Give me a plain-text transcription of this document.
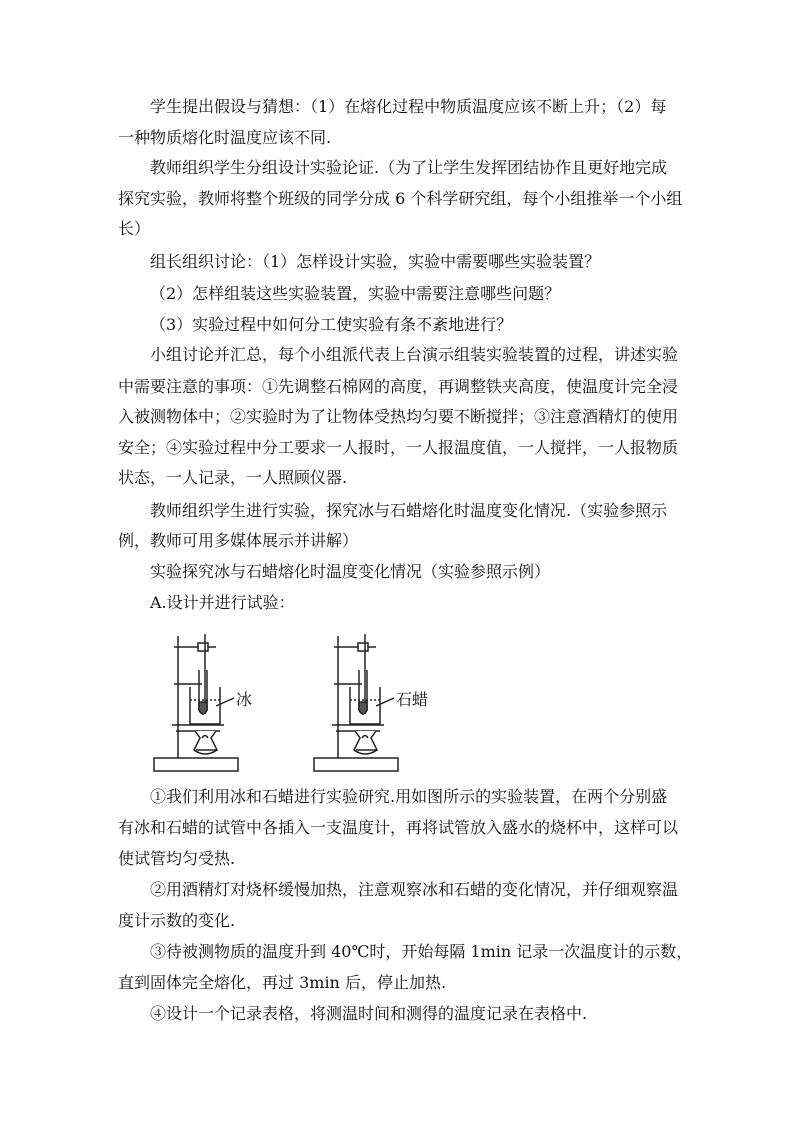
学生提出假设与猜想：（1）在熔化过程中物质温度应该不断上升；（2）每
一种物质熔化时温度应该不同.
教师组织学生分组设计实验论证.（为了让学生发挥团结协作且更好地完成
探究实验，教师将整个班级的同学分成 6 个科学研究组，每个小组推举一个小组
长）
组长组织讨论：（1）怎样设计实验，实验中需要哪些实验装置？
（2）怎样组装这些实验装置，实验中需要注意哪些问题？
（3）实验过程中如何分工使实验有条不紊地进行？
小组讨论并汇总，每个小组派代表上台演示组装实验装置的过程，讲述实验
中需要注意的事项：①先调整石棉网的高度，再调整铁夹高度，使温度计完全浸
入被测物体中；②实验时为了让物体受热均匀要不断搅拌；③注意酒精灯的使用
安全；④实验过程中分工要求一人报时，一人报温度值，一人搅拌，一人报物质
状态，一人记录，一人照顾仪器.
教师组织学生进行实验，探究冰与石蜡熔化时温度变化情况.（实验参照示
例，教师可用多媒体展示并讲解）
实验探究冰与石蜡熔化时温度变化情况（实验参照示例）
A.设计并进行试验：
冰	石蜡
①我们利用冰和石蜡进行实验研究.用如图所示的实验装置，在两个分别盛
有冰和石蜡的试管中各插入一支温度计，再将试管放入盛水的烧杯中，这样可以
使试管均匀受热.
②用酒精灯对烧杯缓慢加热，注意观察冰和石蜡的变化情况，并仔细观察温
度计示数的变化.
③待被测物质的温度升到 40℃时，开始每隔 1min 记录一次温度计的示数，
直到固体完全熔化，再过 3min 后，停止加热.
④设计一个记录表格，将测温时间和测得的温度记录在表格中.
